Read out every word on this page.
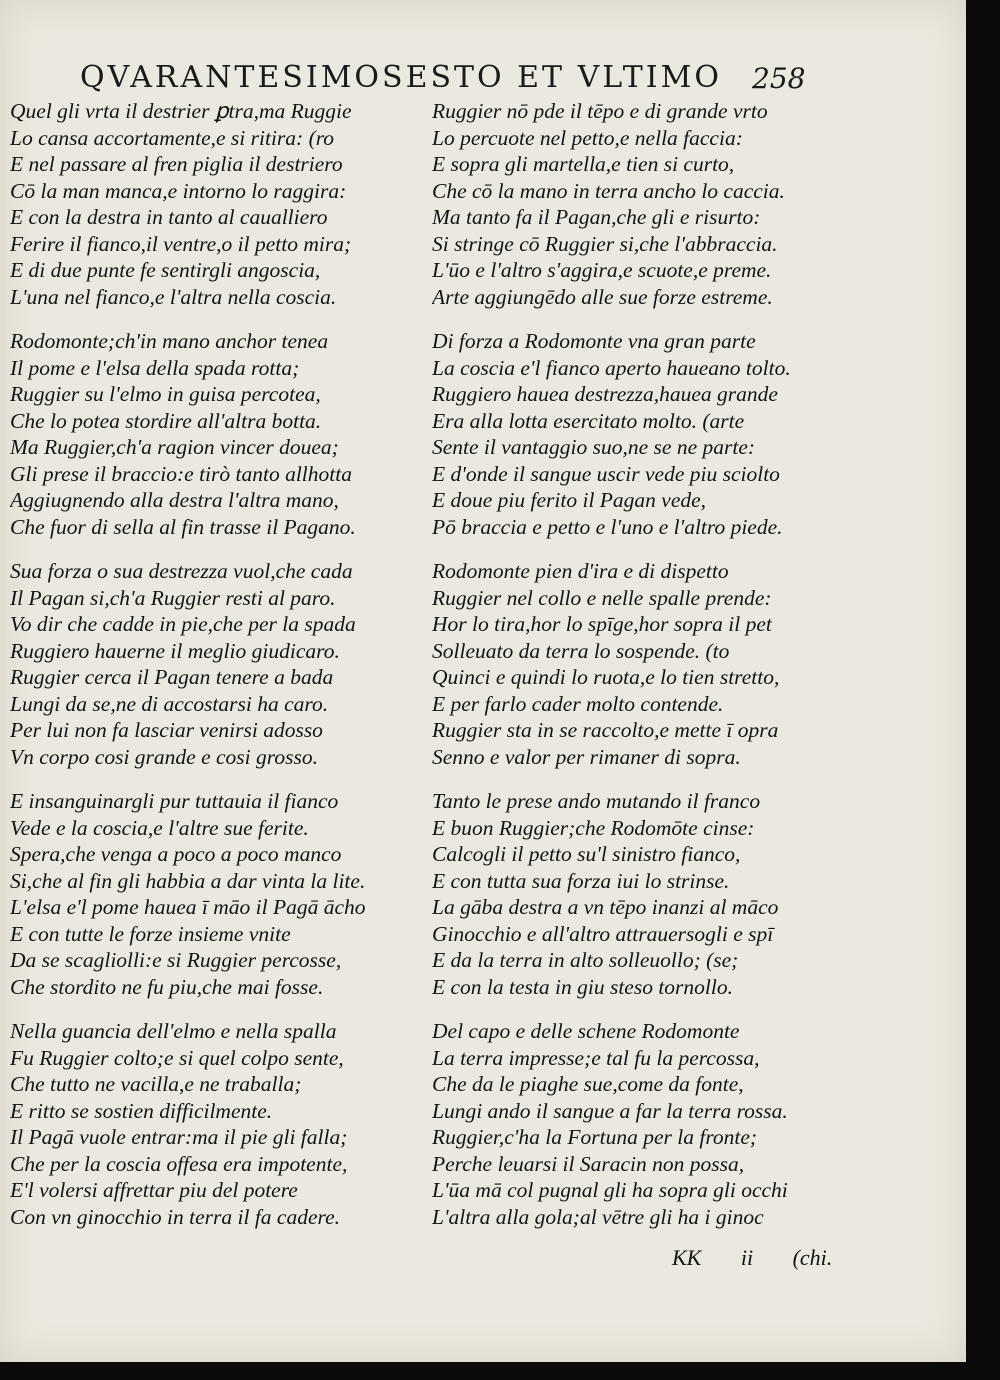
QVARANTESIMOSESTO ET VLTIMO	258
Quel gli vrta il destrier ꝑtra,ma Ruggie
Lo cansa accortamente,e si ritira: (ro
E nel passare al fren piglia il destriero
Cō la man manca,e intorno lo raggira:
E con la destra in tanto al caualliero
Ferire il fianco,il ventre,o il petto mira;
E di due punte fe sentirgli angoscia,
L'una nel fianco,e l'altra nella coscia.
Rodomonte;ch'in mano anchor tenea
Il pome e l'elsa della spada rotta;
Ruggier su l'elmo in guisa percotea,
Che lo potea stordire all'altra botta.
Ma Ruggier,ch'a ragion vincer douea;
Gli prese il braccio:e tirò tanto allhotta
Aggiugnendo alla destra l'altra mano,
Che fuor di sella al fin trasse il Pagano.
Sua forza o sua destrezza vuol,che cada
Il Pagan si,ch'a Ruggier resti al paro.
Vo dir che cadde in pie,che per la spada
Ruggiero hauerne il meglio giudicaro.
Ruggier cerca il Pagan tenere a bada
Lungi da se,ne di accostarsi ha caro.
Per lui non fa lasciar venirsi adosso
Vn corpo cosi grande e cosi grosso.
E insanguinargli pur tuttauia il fianco
Vede e la coscia,e l'altre sue ferite.
Spera,che venga a poco a poco manco
Si,che al fin gli habbia a dar vinta la lite.
L'elsa e'l pome hauea ī māo il Pagā ācho
E con tutte le forze insieme vnite
Da se scagliolli:e si Ruggier percosse,
Che stordito ne fu piu,che mai fosse.
Nella guancia dell'elmo e nella spalla
Fu Ruggier colto;e si quel colpo sente,
Che tutto ne vacilla,e ne traballa;
E ritto se sostien difficilmente.
Il Pagā vuole entrar:ma il pie gli falla;
Che per la coscia offesa era impotente,
E'l volersi affrettar piu del potere
Con vn ginocchio in terra il fa cadere.
Ruggier nō pde il tēpo e di grande vrto
Lo percuote nel petto,e nella faccia:
E sopra gli martella,e tien si curto,
Che cō la mano in terra ancho lo caccia.
Ma tanto fa il Pagan,che gli e risurto:
Si stringe cō Ruggier si,che l'abbraccia.
L'ūo e l'altro s'aggira,e scuote,e preme.
Arte aggiungēdo alle sue forze estreme.
Di forza a Rodomonte vna gran parte
La coscia e'l fianco aperto haueano tolto.
Ruggiero hauea destrezza,hauea grande
Era alla lotta esercitato molto. (arte
Sente il vantaggio suo,ne se ne parte:
E d'onde il sangue uscir vede piu sciolto
E doue piu ferito il Pagan vede,
Pō braccia e petto e l'uno e l'altro piede.
Rodomonte pien d'ira e di dispetto
Ruggier nel collo e nelle spalle prende:
Hor lo tira,hor lo spīge,hor sopra il pet
Solleuato da terra lo sospende. (to
Quinci e quindi lo ruota,e lo tien stretto,
E per farlo cader molto contende.
Ruggier sta in se raccolto,e mette ī opra
Senno e valor per rimaner di sopra.
Tanto le prese ando mutando il franco
E buon Ruggier;che Rodomōte cinse:
Calcogli il petto su'l sinistro fianco,
E con tutta sua forza iui lo strinse.
La gāba destra a vn tēpo inanzi al māco
Ginocchio e all'altro attrauersogli e spī
E da la terra in alto solleuollo; (se;
E con la testa in giu steso tornollo.
Del capo e delle schene Rodomonte
La terra impresse;e tal fu la percossa,
Che da le piaghe sue,come da fonte,
Lungi ando il sangue a far la terra rossa.
Ruggier,c'ha la Fortuna per la fronte;
Perche leuarsi il Saracin non possa,
L'ūa mā col pugnal gli ha sopra gli occhi
L'altra alla gola;al vētre gli ha i ginoc
KK ii (chi.
